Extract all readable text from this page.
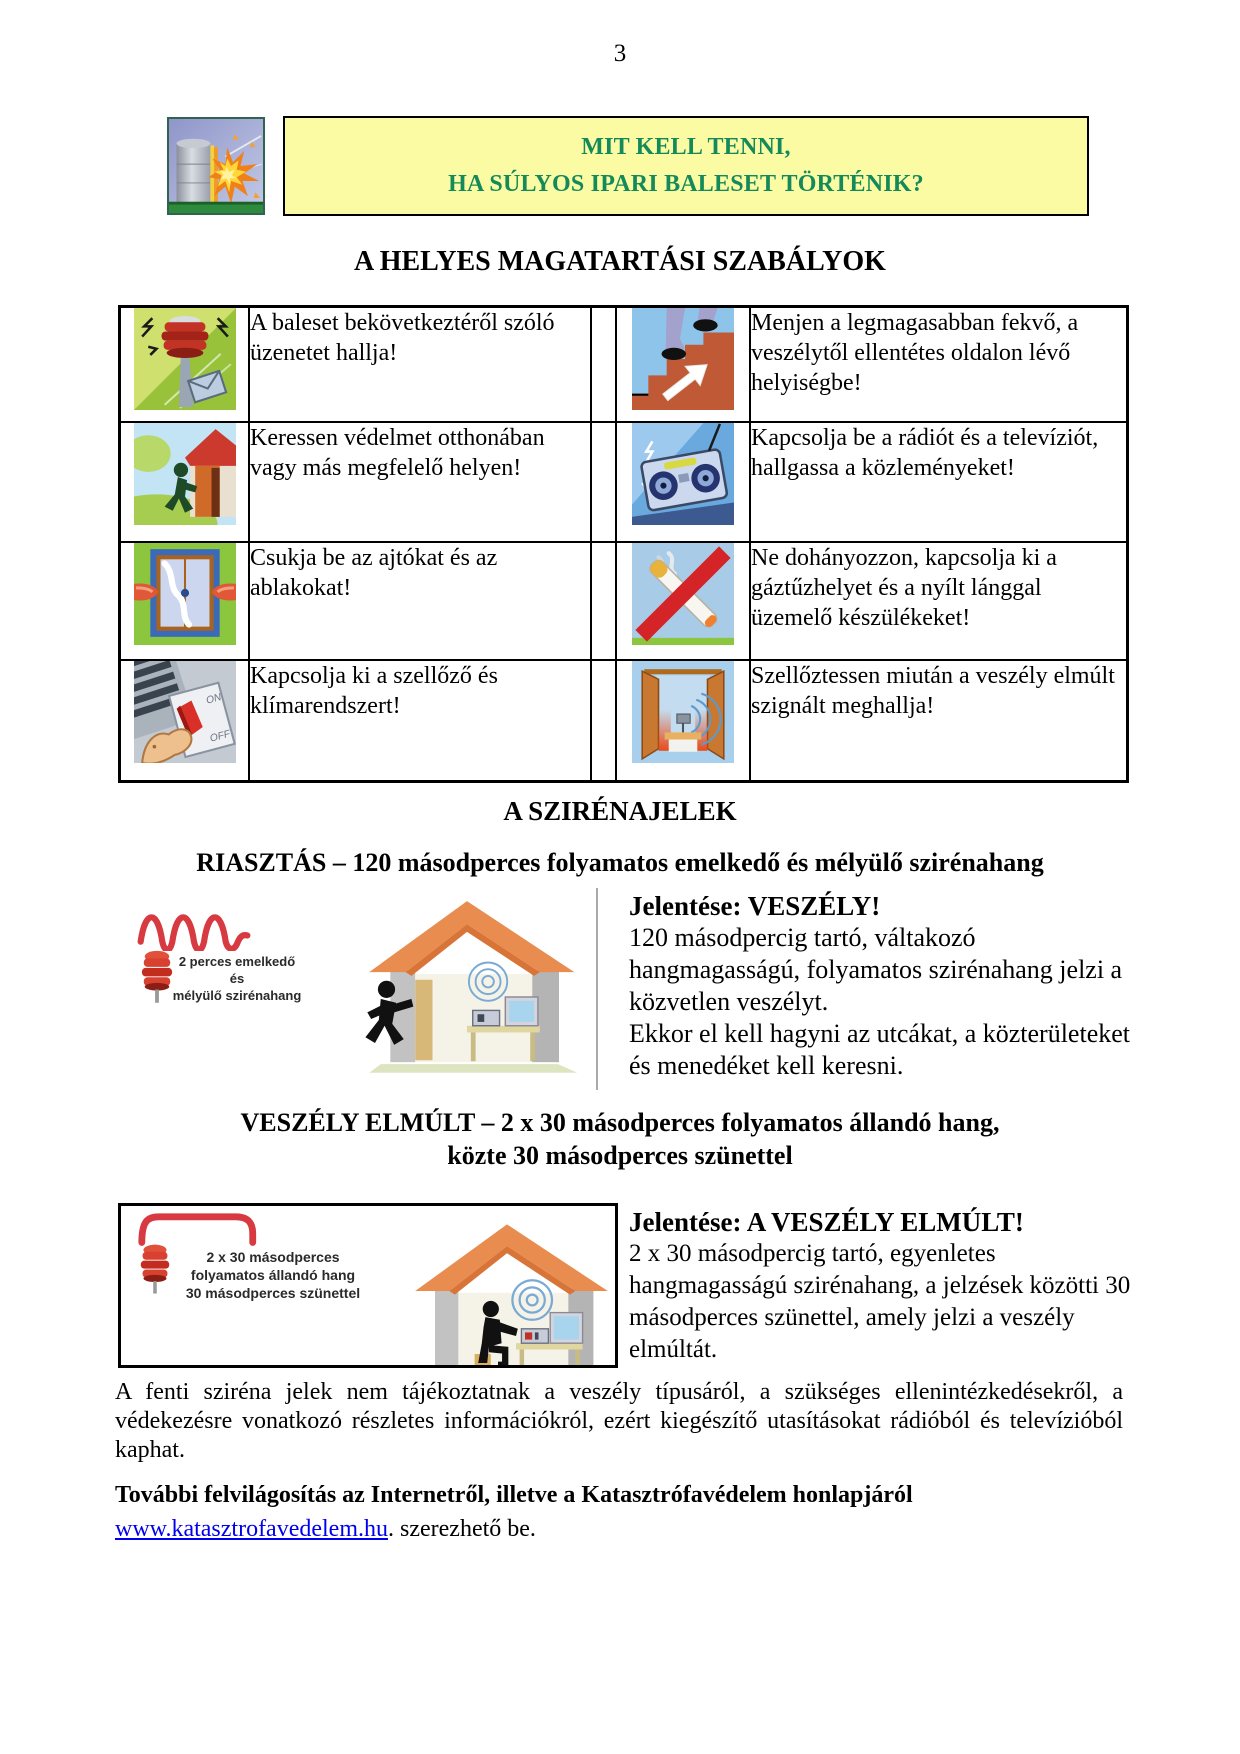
3
MIT KELL TENNI,
HA SÚLYOS IPARI BALESET TÖRTÉNIK?
A HELYES MAGATARTÁSI SZABÁLYOK
	A baleset bekövetkeztéről szóló üzenetet hallja!			Menjen a legmagasabban fekvő, a veszélytől ellentétes oldalon lévő helyiségbe!

	Keressen védelmet otthonában vagy más megfelelő helyen!			Kapcsolja be a rádiót és a televíziót, hallgassa a közleményeket!

	Csukja be az ajtókat és az ablakokat!			Ne dohányozzon, kapcsolja ki a gáztűzhelyet és a nyílt lánggal üzemelő készülékeket!

ON
OFF	Kapcsolja ki a szellőző és klímarendszert!			Szellőztessen miután a veszély elmúlt szignált meghallja!
A SZIRÉNAJELEK
RIASZTÁS – 120 másodperces folyamatos emelkedő és mélyülő szirénahang
2 perces emelkedő és
mélyülő szirénahang
Jelentése: VESZÉLY!
120 másodpercig tartó, váltakozó hangmagasságú, folyamatos szirénahang jelzi a közvetlen veszélyt.
Ekkor el kell hagyni az utcákat, a közterületeket és menedéket kell keresni.
VESZÉLY ELMÚLT – 2 x 30 másodperces folyamatos állandó hang,
közte 30 másodperces szünettel
2 x 30 másodperces
folyamatos állandó hang
30 másodperces szünettel
Jelentése: A VESZÉLY ELMÚLT!
2 x 30 másodpercig tartó, egyenletes hangmagasságú szirénahang, a jelzések közötti 30 másodperces szünettel, amely jelzi a veszély elmúltát.
A fenti sziréna jelek nem tájékoztatnak a veszély típusáról, a szükséges ellenintézkedésekről, a védekezésre vonatkozó részletes információkról, ezért kiegészítő utasításokat rádióból és televízióból kaphat.
További felvilágosítás az Internetről, illetve a Katasztrófavédelem honlapjáról
www.katasztrofavedelem.hu. szerezhető be.
